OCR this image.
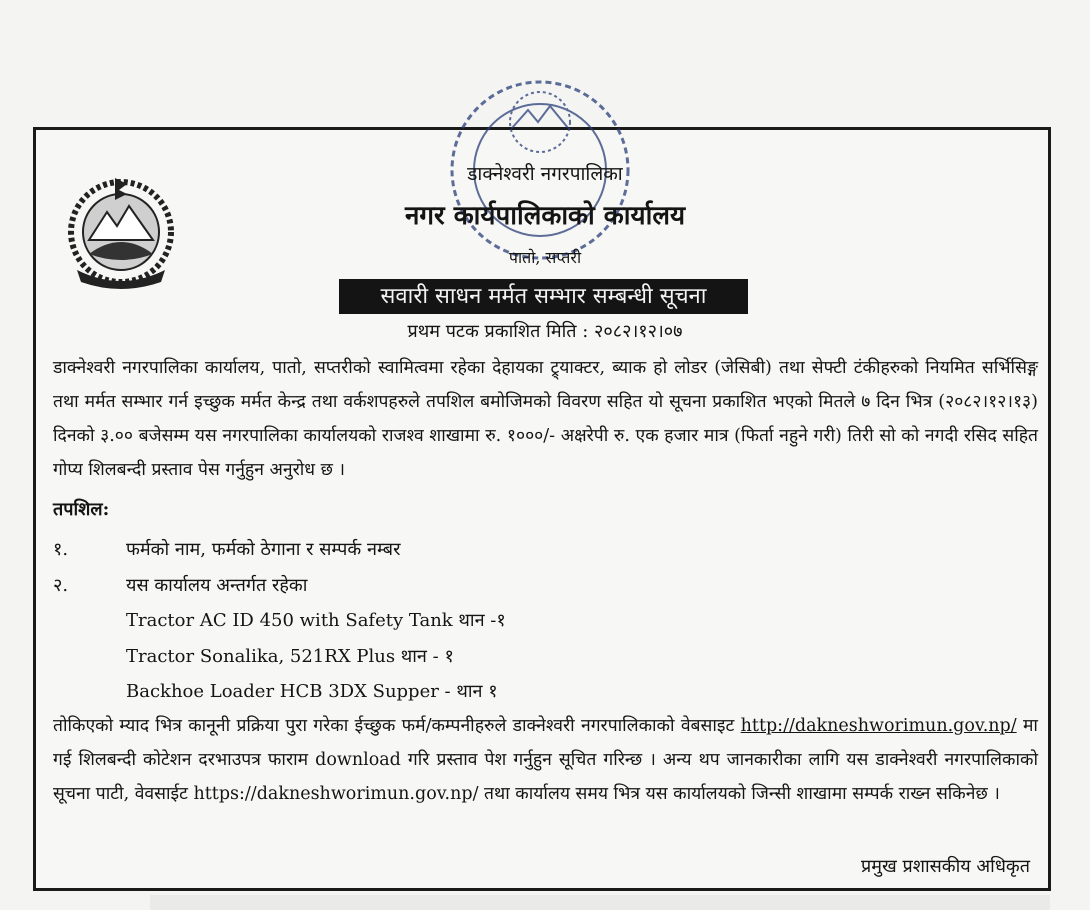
डाक्नेश्वरी नगरपालिका
नगर कार्यपालिकाको कार्यालय
पातो, सप्तरी
सवारी साधन मर्मत सम्भार सम्बन्धी सूचना
प्रथम पटक प्रकाशित मिति : २०८२।१२।०७
डाक्नेश्वरी नगरपालिका कार्यालय, पातो, सप्तरीको स्वामित्वमा रहेका देहायका ट्र्याक्टर, ब्याक हो लोडर (जेसिबी) तथा सेफ्टी टंकीहरुको नियमित सर्भिसिङ्ग तथा मर्मत सम्भार गर्न इच्छुक मर्मत केन्द्र तथा वर्कशपहरुले तपशिल बमोजिमको विवरण सहित यो सूचना प्रकाशित भएको मितले ७ दिन भित्र (२०८२।१२।१३) दिनको ३.०० बजेसम्म यस नगरपालिका कार्यालयको राजश्व शाखामा रु. १०००/- अक्षरेपी रु. एक हजार मात्र (फिर्ता नहुने गरी) तिरी सो को नगदी रसिद सहित गोप्य शिलबन्दी प्रस्ताव पेस गर्नुहुन अनुरोध छ ।
तपशिल:
१.	फर्मको नाम, फर्मको ठेगाना र सम्पर्क नम्बर
२.	यस कार्यालय अन्तर्गत रहेका
Tractor AC ID 450 with Safety Tank थान -१
Tractor Sonalika, 521RX Plus थान - १
Backhoe Loader HCB 3DX Supper - थान १
तोकिएको म्याद भित्र कानूनी प्रक्रिया पुरा गरेका ईच्छुक फर्म/कम्पनीहरुले डाक्नेश्वरी नगरपालिकाको वेबसाइट http://dakneshworimun.gov.np/ मा गई शिलबन्दी कोटेशन दरभाउपत्र फाराम download गरि प्रस्ताव पेश गर्नुहुन सूचित गरिन्छ । अन्य थप जानकारीका लागि यस डाक्नेश्वरी नगरपालिकाको सूचना पाटी, वेवसाईट https://dakneshworimun.gov.np/ तथा कार्यालय समय भित्र यस कार्यालयको जिन्सी शाखामा सम्पर्क राख्न सकिनेछ ।
प्रमुख प्रशासकीय अधिकृत
